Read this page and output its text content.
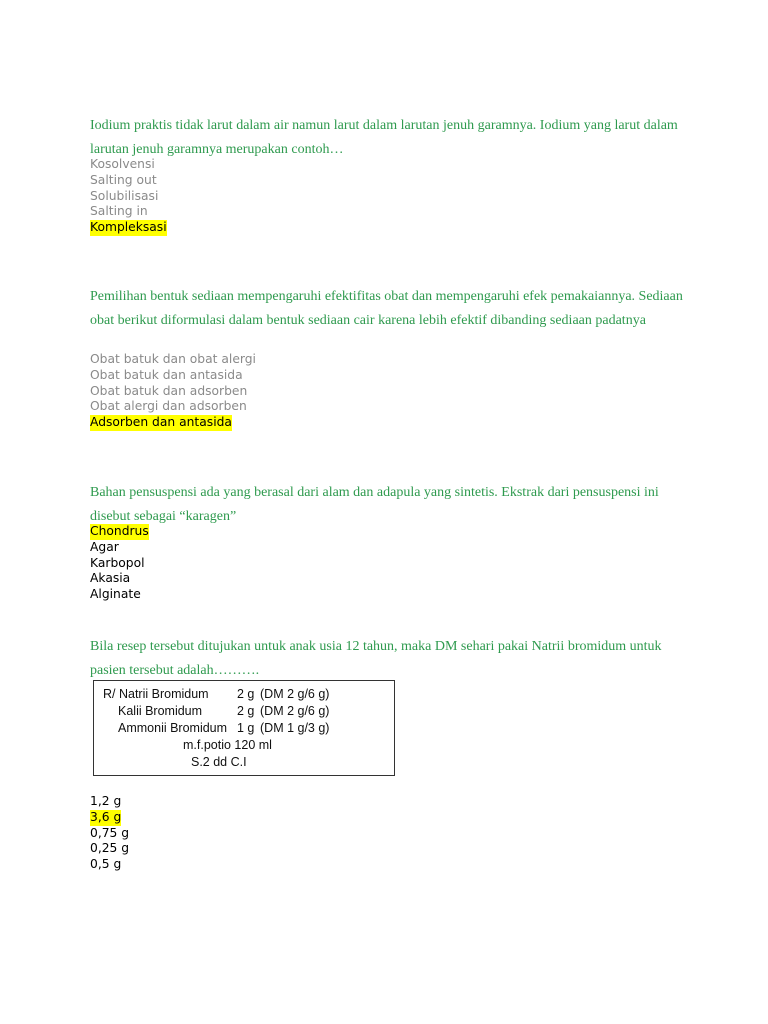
Iodium praktis tidak larut dalam air namun larut dalam larutan jenuh garamnya. Iodium yang larut dalam larutan jenuh garamnya merupakan contoh…
Kosolvensi
Salting out
Solubilisasi
Salting in
Kompleksasi
Pemilihan bentuk sediaan mempengaruhi efektifitas obat dan mempengaruhi efek pemakaiannya. Sediaan obat berikut diformulasi dalam bentuk sediaan cair karena lebih efektif dibanding sediaan padatnya
Obat batuk dan obat alergi
Obat batuk dan antasida
Obat batuk dan adsorben
Obat alergi dan adsorben
Adsorben dan antasida
Bahan pensuspensi ada yang berasal dari alam dan adapula yang sintetis. Ekstrak dari pensuspensi ini disebut sebagai “karagen”
Chondrus
Agar
Karbopol
Akasia
Alginate
Bila resep tersebut ditujukan untuk anak usia 12 tahun, maka DM sehari pakai Natrii bromidum untuk pasien tersebut adalah……….
R/ Natrii Bromidum 2 g (DM 2 g/6 g)
Kalii Bromidum	2 g (DM 2 g/6 g)
Ammonii Bromidum 1 g (DM 1 g/3 g)
m.f.potio 120 ml
S.2 dd C.I
1,2 g
3,6 g
0,75 g
0,25 g
0,5 g
